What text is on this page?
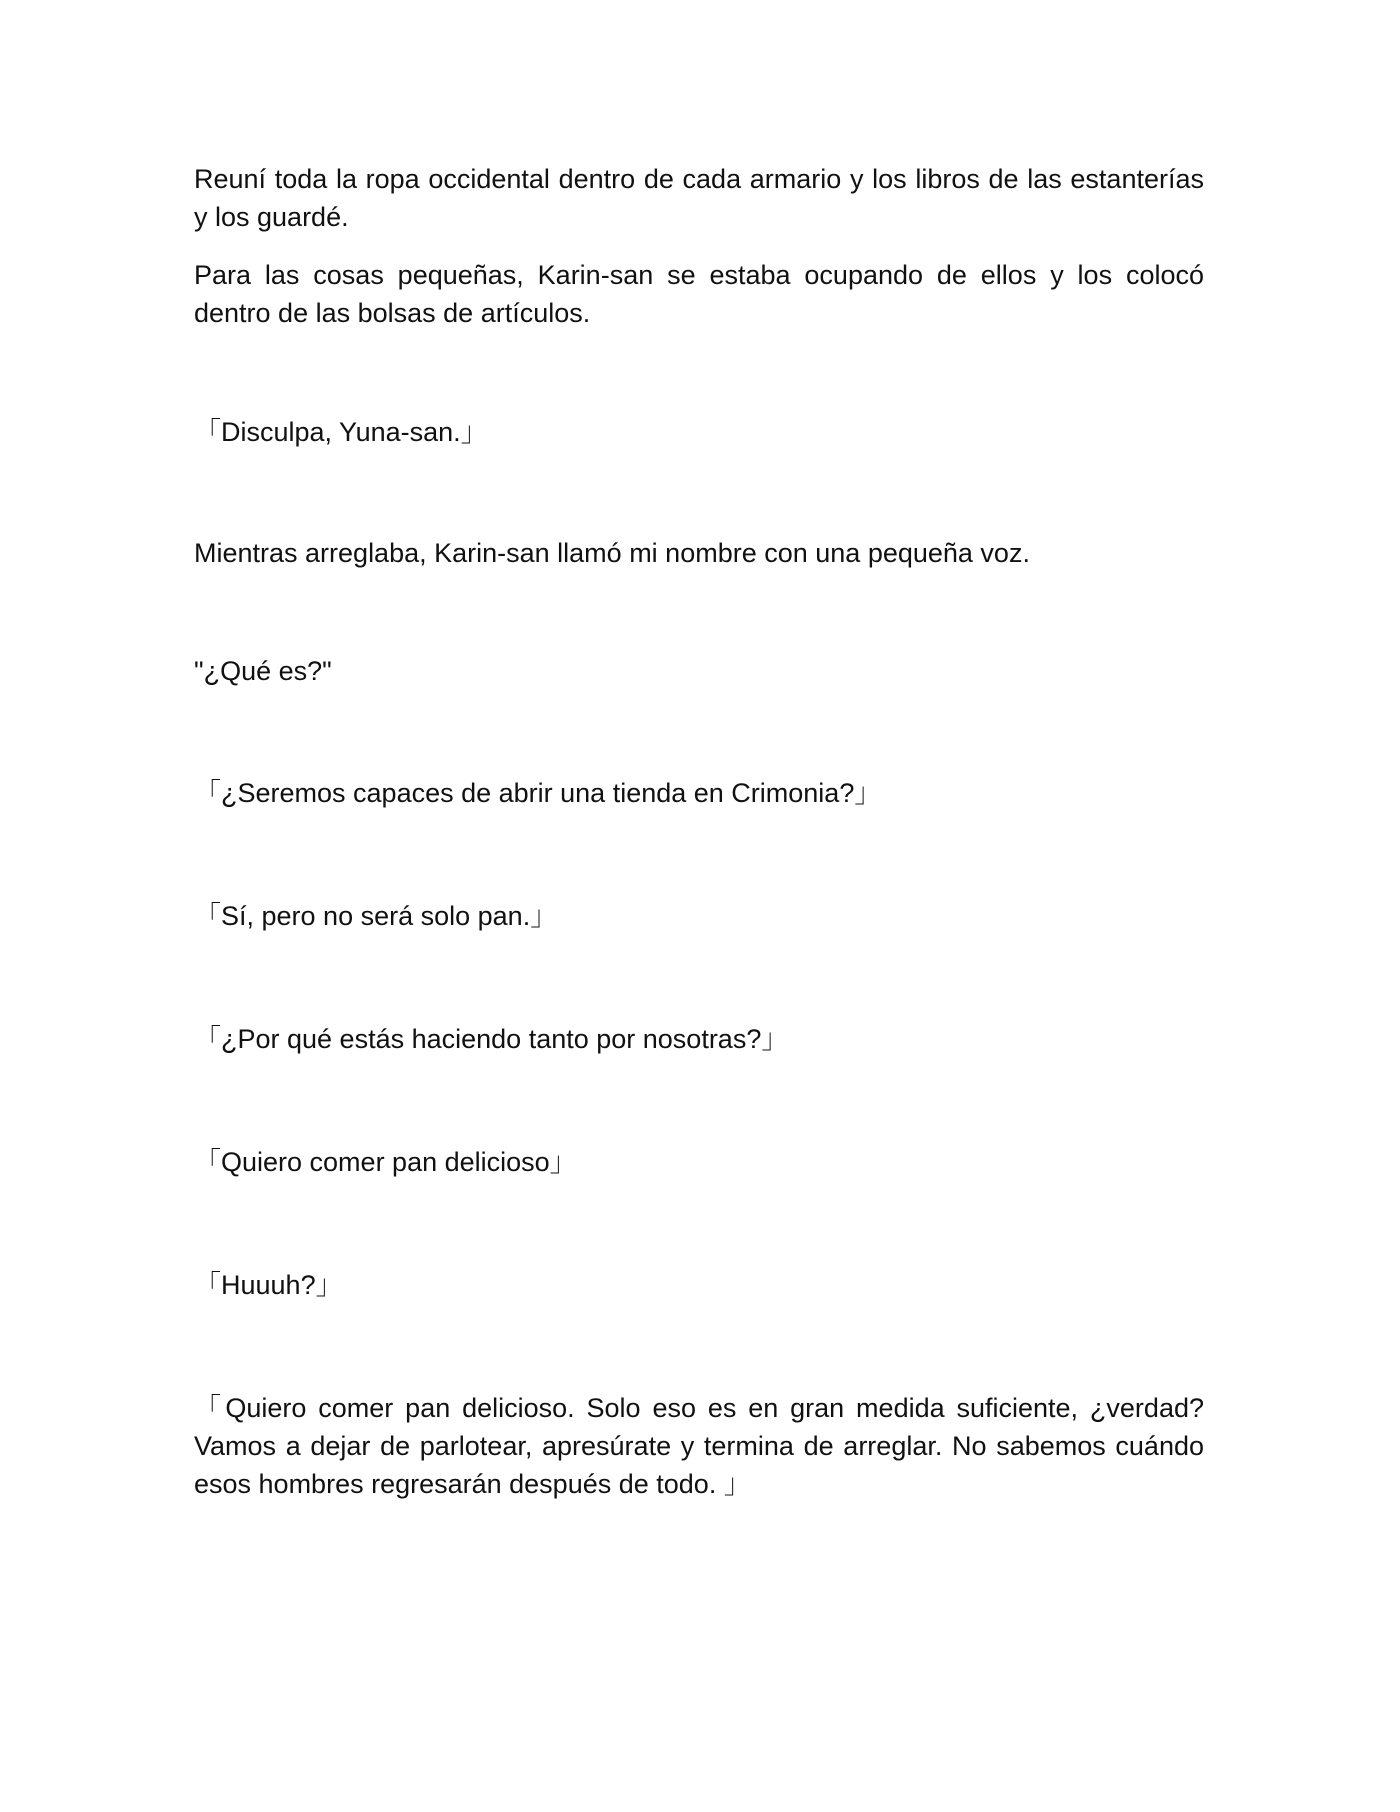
Reuní toda la ropa occidental dentro de cada armario y los libros de las estanterías y los guardé.

Para las cosas pequeñas, Karin-san se estaba ocupando de ellos y los colocó dentro de las bolsas de artículos.

「Disculpa, Yuna-san.」

Mientras arreglaba, Karin-san llamó mi nombre con una pequeña voz.

"¿Qué es?"

「¿Seremos capaces de abrir una tienda en Crimonia?」

「Sí, pero no será solo pan.」

「¿Por qué estás haciendo tanto por nosotras?」

「Quiero comer pan delicioso」

「Huuuh?」

「Quiero comer pan delicioso. Solo eso es en gran medida suficiente, ¿verdad? Vamos a dejar de parlotear, apresúrate y termina de arreglar. No sabemos cuándo esos hombres regresarán después de todo. 」
